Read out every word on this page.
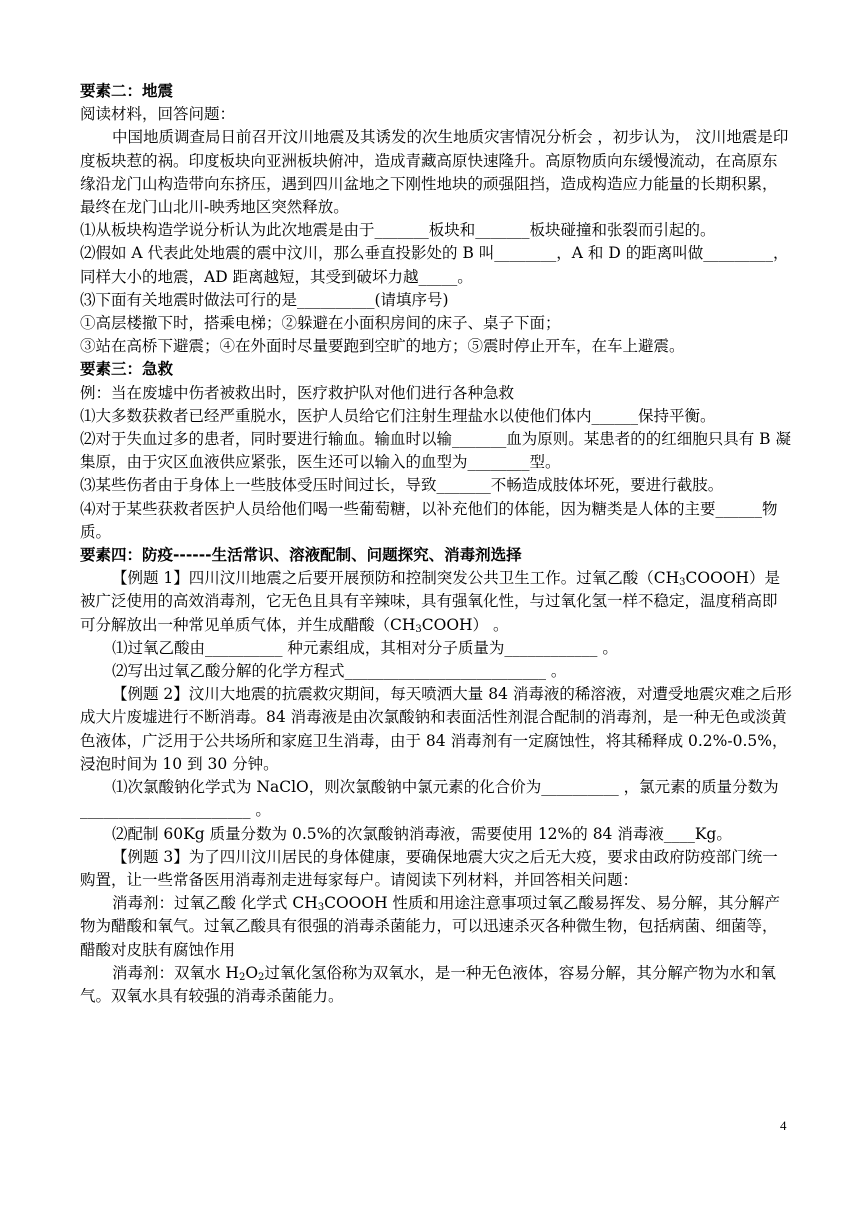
要素二：地震

阅读材料，回答问题：

中国地质调查局日前召开汶川地震及其诱发的次生地质灾害情况分析会 ，初步认为， 汶川地震是印度板块惹的祸。印度板块向亚洲板块俯冲，造成青藏高原快速隆升。高原物质向东缓慢流动，在高原东缘沿龙门山构造带向东挤压，遇到四川盆地之下刚性地块的顽强阻挡，造成构造应力能量的长期积累，最终在龙门山北川-映秀地区突然释放。

⑴从板块构造学说分析认为此次地震是由于_______板块和_______板块碰撞和张裂而引起的。

⑵假如 A 代表此处地震的震中汶川，那么垂直投影处的 B 叫________，A 和 D 的距离叫做_________，同样大小的地震，AD 距离越短，其受到破坏力越_____。

⑶下面有关地震时做法可行的是__________(请填序号)

①高层楼撤下时，搭乘电梯；②躲避在小面积房间的床子、桌子下面；

③站在高桥下避震；④在外面时尽量要跑到空旷的地方；⑤震时停止开车，在车上避震。

要素三：急救

例：当在废墟中伤者被救出时，医疗救护队对他们进行各种急救

⑴大多数获救者已经严重脱水，医护人员给它们注射生理盐水以使他们体内______保持平衡。

⑵对于失血过多的患者，同时要进行输血。输血时以输_______血为原则。某患者的的红细胞只具有 B 凝集原，由于灾区血液供应紧张，医生还可以输入的血型为________型。

⑶某些伤者由于身体上一些肢体受压时间过长，导致_______不畅造成肢体坏死，要进行截肢。

⑷对于某些获救者医护人员给他们喝一些葡萄糖，以补充他们的体能，因为糖类是人体的主要______物质。

要素四：防疫------生活常识、溶液配制、问题探究、消毒剂选择

【例题 1】四川汶川地震之后要开展预防和控制突发公共卫生工作。过氧乙酸$(CH_3COOOH)$是被广泛使用的高效消毒剂，它无色且具有辛辣味，具有强氧化性，与过氧化氢一样不稳定，温度稍高即可分解放出一种常见单质气体，并生成醋酸$(CH_3COOH)$ 。

⑴过氧乙酸由__________ 种元素组成，其相对分子质量为____________ 。

⑵写出过氧乙酸分解的化学方程式__________________________ 。

【例题 2】汶川大地震的抗震救灾期间，每天喷洒大量 84 消毒液的稀溶液，对遭受地震灾难之后形成大片废墟进行不断消毒。84 消毒液是由次氯酸钠和表面活性剂混合配制的消毒剂，是一种无色或淡黄色液体，广泛用于公共场所和家庭卫生消毒，由于 84 消毒剂有一定腐蚀性，将其稀释成 0.2%-0.5%，浸泡时间为 10 到 30 分钟。

⑴次氯酸钠化学式为 NaClO，则次氯酸钠中氯元素的化合价为__________ ，氯元素的质量分数为______________________ 。

⑵配制 60Kg 质量分数为 0.5%的次氯酸钠消毒液，需要使用 12%的 84 消毒液____Kg。

【例题 3】为了四川汶川居民的身体健康，要确保地震大灾之后无大疫，要求由政府防疫部门统一购置，让一些常备医用消毒剂走进每家每户。请阅读下列材料，并回答相关问题：

消毒剂：过氧乙酸 化学式 $CH_3COOOH$ 性质和用途注意事项过氧乙酸易挥发、易分解，其分解产物为醋酸和氧气。过氧乙酸具有很强的消毒杀菌能力，可以迅速杀灭各种微生物，包括病菌、细菌等，醋酸对皮肤有腐蚀作用

消毒剂：双氧水 $H_2O_2$过氧化氢俗称为双氧水，是一种无色液体，容易分解，其分解产物为水和氧气。双氧水具有较强的消毒杀菌能力。

4
